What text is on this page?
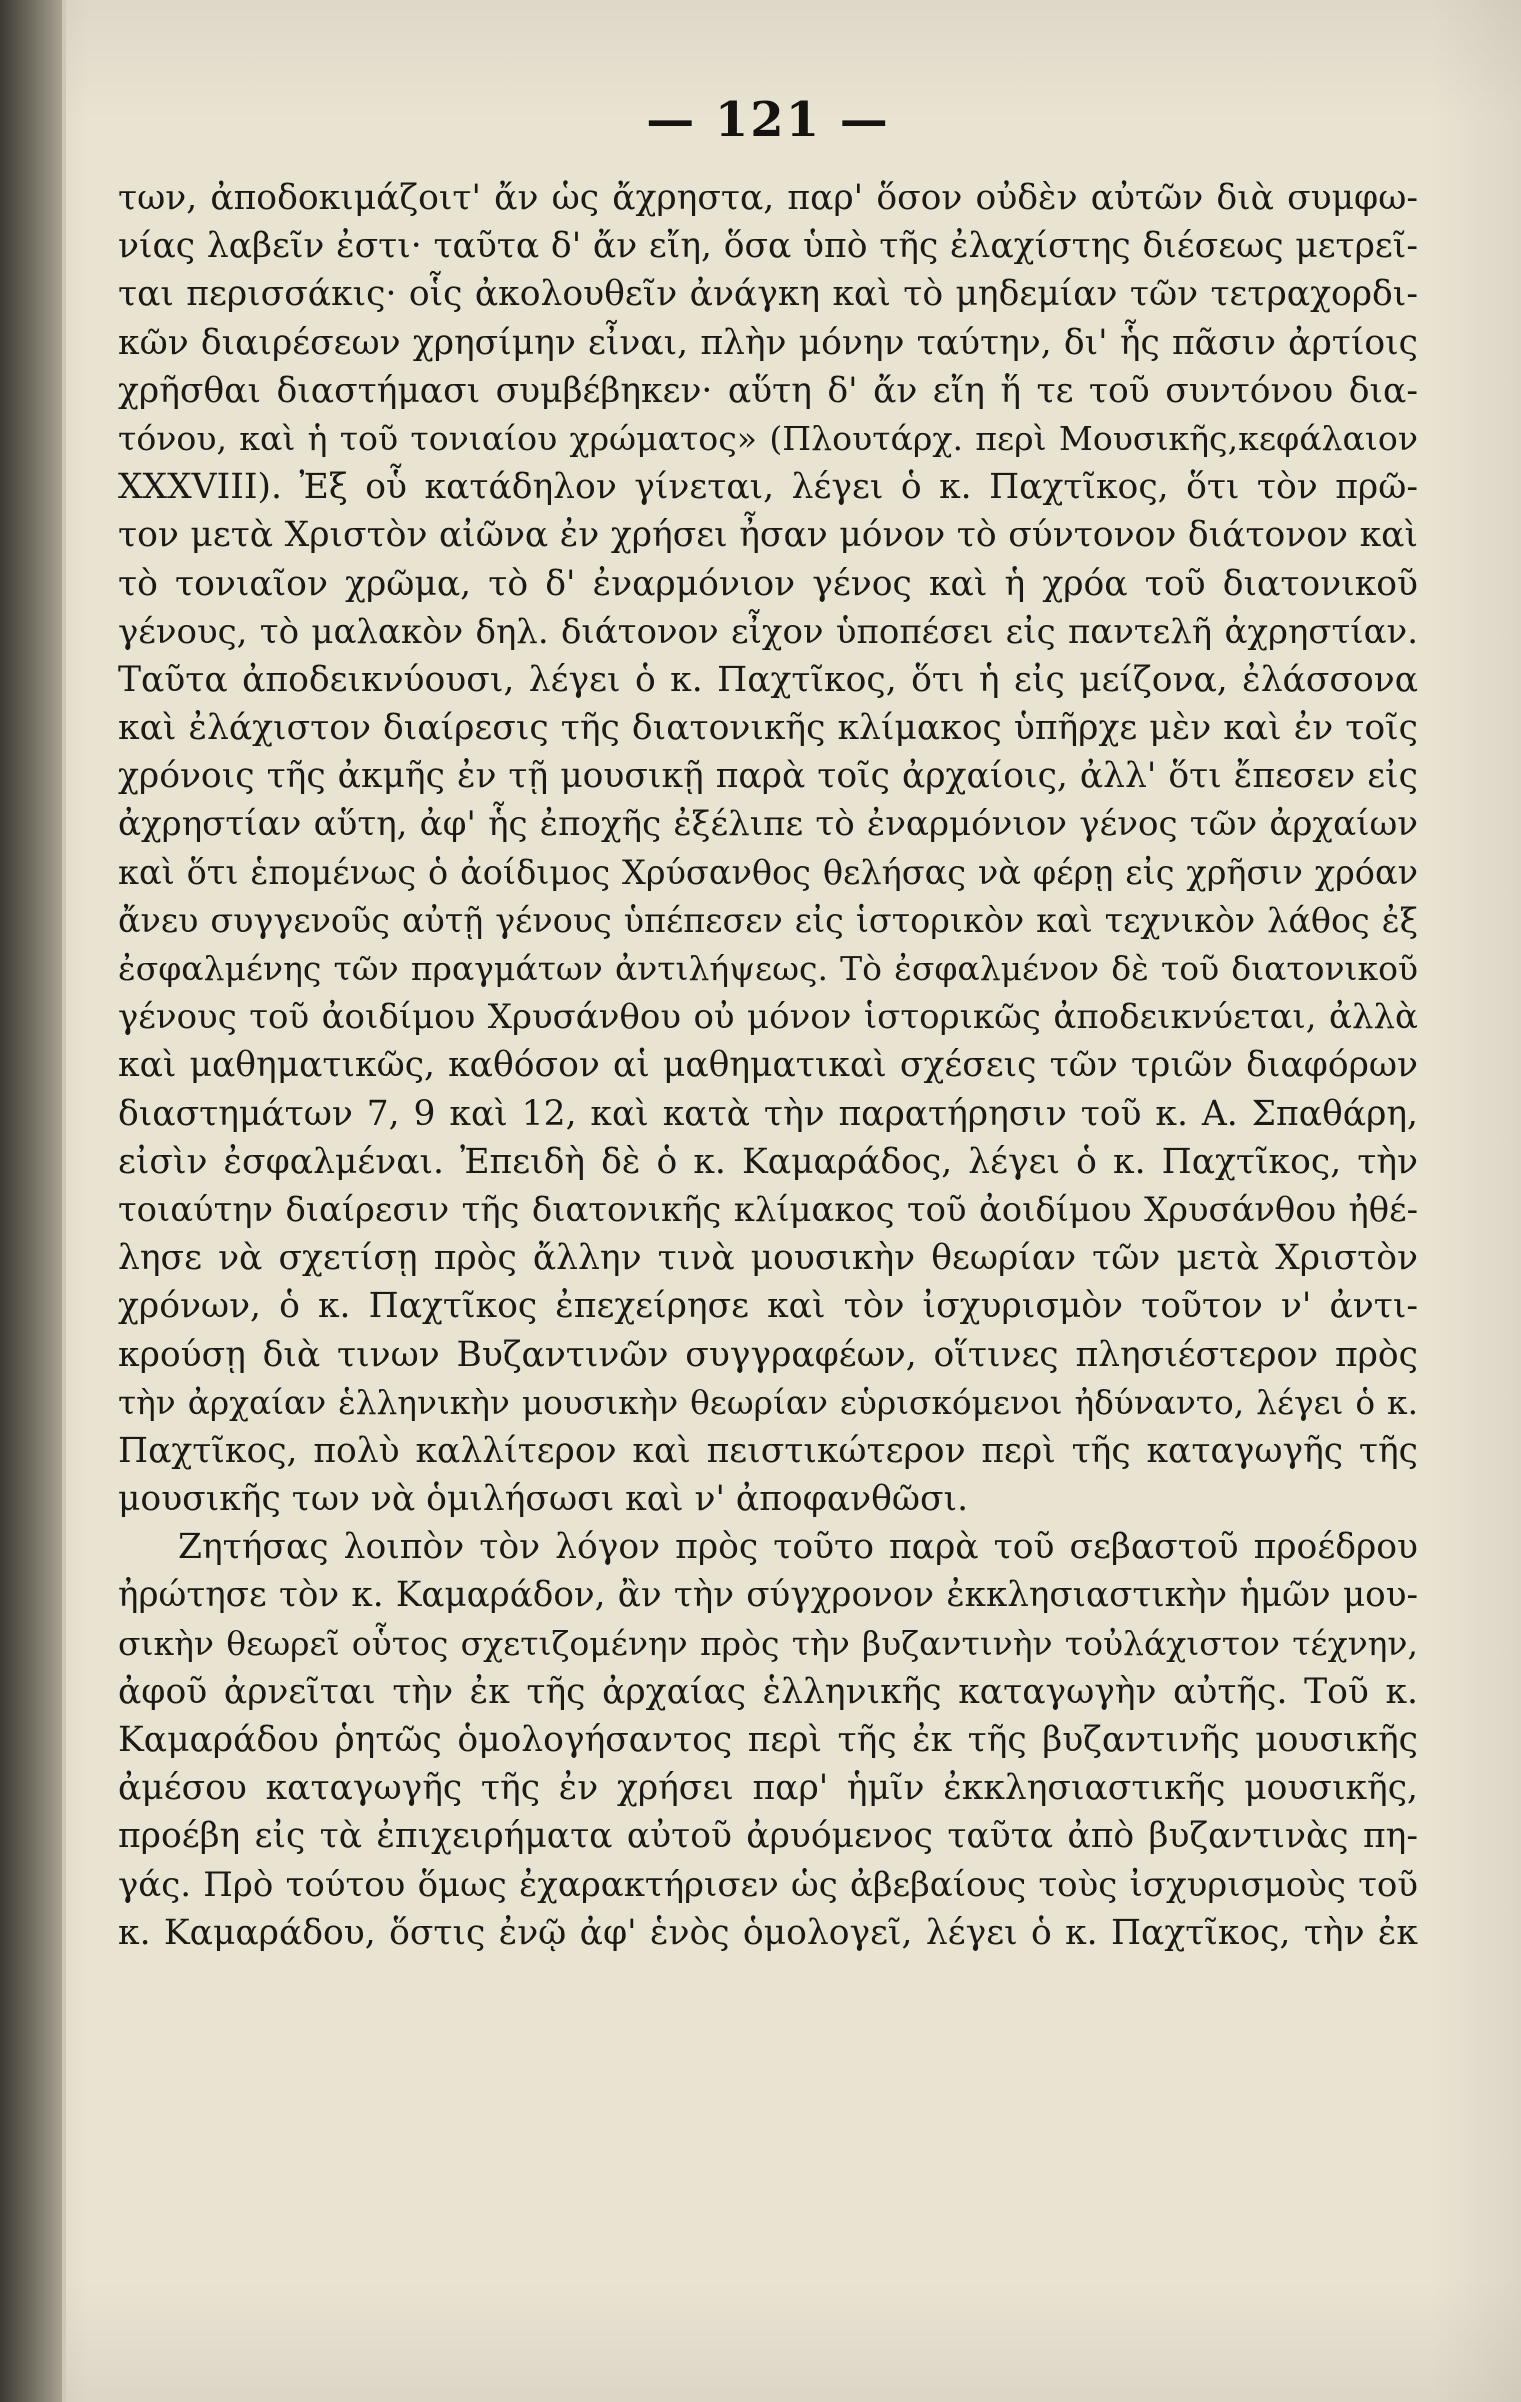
— 121 —
των, ἀποδοκιμάζοιτ' ἄν ὡς ἄχρηστα, παρ' ὅσον οὐδὲν αὐτῶν διὰ συμφω-
νίας λαβεῖν ἐστι· ταῦτα δ' ἄν εἴη, ὅσα ὑπὸ τῆς ἐλαχίστης διέσεως μετρεῖ-
ται περισσάκις· οἷς ἀκολουθεῖν ἀνάγκη καὶ τὸ μηδεμίαν τῶν τετραχορδι-
κῶν διαιρέσεων χρησίμην εἶναι, πλὴν μόνην ταύτην, δι' ἧς πᾶσιν ἀρτίοις
χρῆσθαι διαστήμασι συμβέβηκεν· αὕτη δ' ἄν εἴη ἥ τε τοῦ συντόνου δια-
τόνου, καὶ ἡ τοῦ τονιαίου χρώματος» (Πλουτάρχ. περὶ Μουσικῆς,κεφάλαιον
XXXVIII). Ἐξ οὗ κατάδηλον γίνεται, λέγει ὁ κ. Παχτῖκος, ὅτι τὸν πρῶ-
τον μετὰ Χριστὸν αἰῶνα ἐν χρήσει ἦσαν μόνον τὸ σύντονον διάτονον καὶ
τὸ τονιαῖον χρῶμα, τὸ δ' ἐναρμόνιον γένος καὶ ἡ χρόα τοῦ διατονικοῦ
γένους, τὸ μαλακὸν δηλ. διάτονον εἶχον ὑποπέσει εἰς παντελῆ ἀχρηστίαν.
Ταῦτα ἀποδεικνύουσι, λέγει ὁ κ. Παχτῖκος, ὅτι ἡ εἰς μείζονα, ἐλάσσονα
καὶ ἐλάχιστον διαίρεσις τῆς διατονικῆς κλίμακος ὑπῆρχε μὲν καὶ ἐν τοῖς
χρόνοις τῆς ἀκμῆς ἐν τῇ μουσικῇ παρὰ τοῖς ἀρχαίοις, ἀλλ' ὅτι ἔπεσεν εἰς
ἀχρηστίαν αὕτη, ἀφ' ἧς ἐποχῆς ἐξέλιπε τὸ ἐναρμόνιον γένος τῶν ἀρχαίων
καὶ ὅτι ἑπομένως ὁ ἀοίδιμος Χρύσανθος θελήσας νὰ φέρῃ εἰς χρῆσιν χρόαν
ἄνευ συγγενοῦς αὐτῇ γένους ὑπέπεσεν εἰς ἱστορικὸν καὶ τεχνικὸν λάθος ἐξ
ἐσφαλμένης τῶν πραγμάτων ἀντιλήψεως. Τὸ ἐσφαλμένον δὲ τοῦ διατονικοῦ
γένους τοῦ ἀοιδίμου Χρυσάνθου οὐ μόνον ἱστορικῶς ἀποδεικνύεται, ἀλλὰ
καὶ μαθηματικῶς, καθόσον αἱ μαθηματικαὶ σχέσεις τῶν τριῶν διαφόρων
διαστημάτων 7, 9 καὶ 12, καὶ κατὰ τὴν παρατήρησιν τοῦ κ. Α. Σπαθάρη,
εἰσὶν ἐσφαλμέναι. Ἐπειδὴ δὲ ὁ κ. Καμαράδος, λέγει ὁ κ. Παχτῖκος, τὴν
τοιαύτην διαίρεσιν τῆς διατονικῆς κλίμακος τοῦ ἀοιδίμου Χρυσάνθου ἠθέ-
λησε νὰ σχετίσῃ πρὸς ἄλλην τινὰ μουσικὴν θεωρίαν τῶν μετὰ Χριστὸν
χρόνων, ὁ κ. Παχτῖκος ἐπεχείρησε καὶ τὸν ἰσχυρισμὸν τοῦτον ν' ἀντι-
κρούσῃ διὰ τινων Βυζαντινῶν συγγραφέων, οἵτινες πλησιέστερον πρὸς
τὴν ἀρχαίαν ἑλληνικὴν μουσικὴν θεωρίαν εὑρισκόμενοι ἠδύναντο, λέγει ὁ κ.
Παχτῖκος, πολὺ καλλίτερον καὶ πειστικώτερον περὶ τῆς καταγωγῆς τῆς
μουσικῆς των νὰ ὁμιλήσωσι καὶ ν' ἀποφανθῶσι.
Ζητήσας λοιπὸν τὸν λόγον πρὸς τοῦτο παρὰ τοῦ σεβαστοῦ προέδρου
ἠρώτησε τὸν κ. Καμαράδον, ἂν τὴν σύγχρονον ἐκκλησιαστικὴν ἡμῶν μου-
σικὴν θεωρεῖ οὗτος σχετιζομένην πρὸς τὴν βυζαντινὴν τοὐλάχιστον τέχνην,
ἀφοῦ ἀρνεῖται τὴν ἐκ τῆς ἀρχαίας ἑλληνικῆς καταγωγὴν αὐτῆς. Τοῦ κ.
Καμαράδου ῥητῶς ὁμολογήσαντος περὶ τῆς ἐκ τῆς βυζαντινῆς μουσικῆς
ἀμέσου καταγωγῆς τῆς ἐν χρήσει παρ' ἡμῖν ἐκκλησιαστικῆς μουσικῆς,
προέβη εἰς τὰ ἐπιχειρήματα αὐτοῦ ἀρυόμενος ταῦτα ἀπὸ βυζαντινὰς πη-
γάς. Πρὸ τούτου ὅμως ἐχαρακτήρισεν ὡς ἀβεβαίους τοὺς ἰσχυρισμοὺς τοῦ
κ. Καμαράδου, ὅστις ἐνῷ ἀφ' ἑνὸς ὁμολογεῖ, λέγει ὁ κ. Παχτῖκος, τὴν ἐκ
